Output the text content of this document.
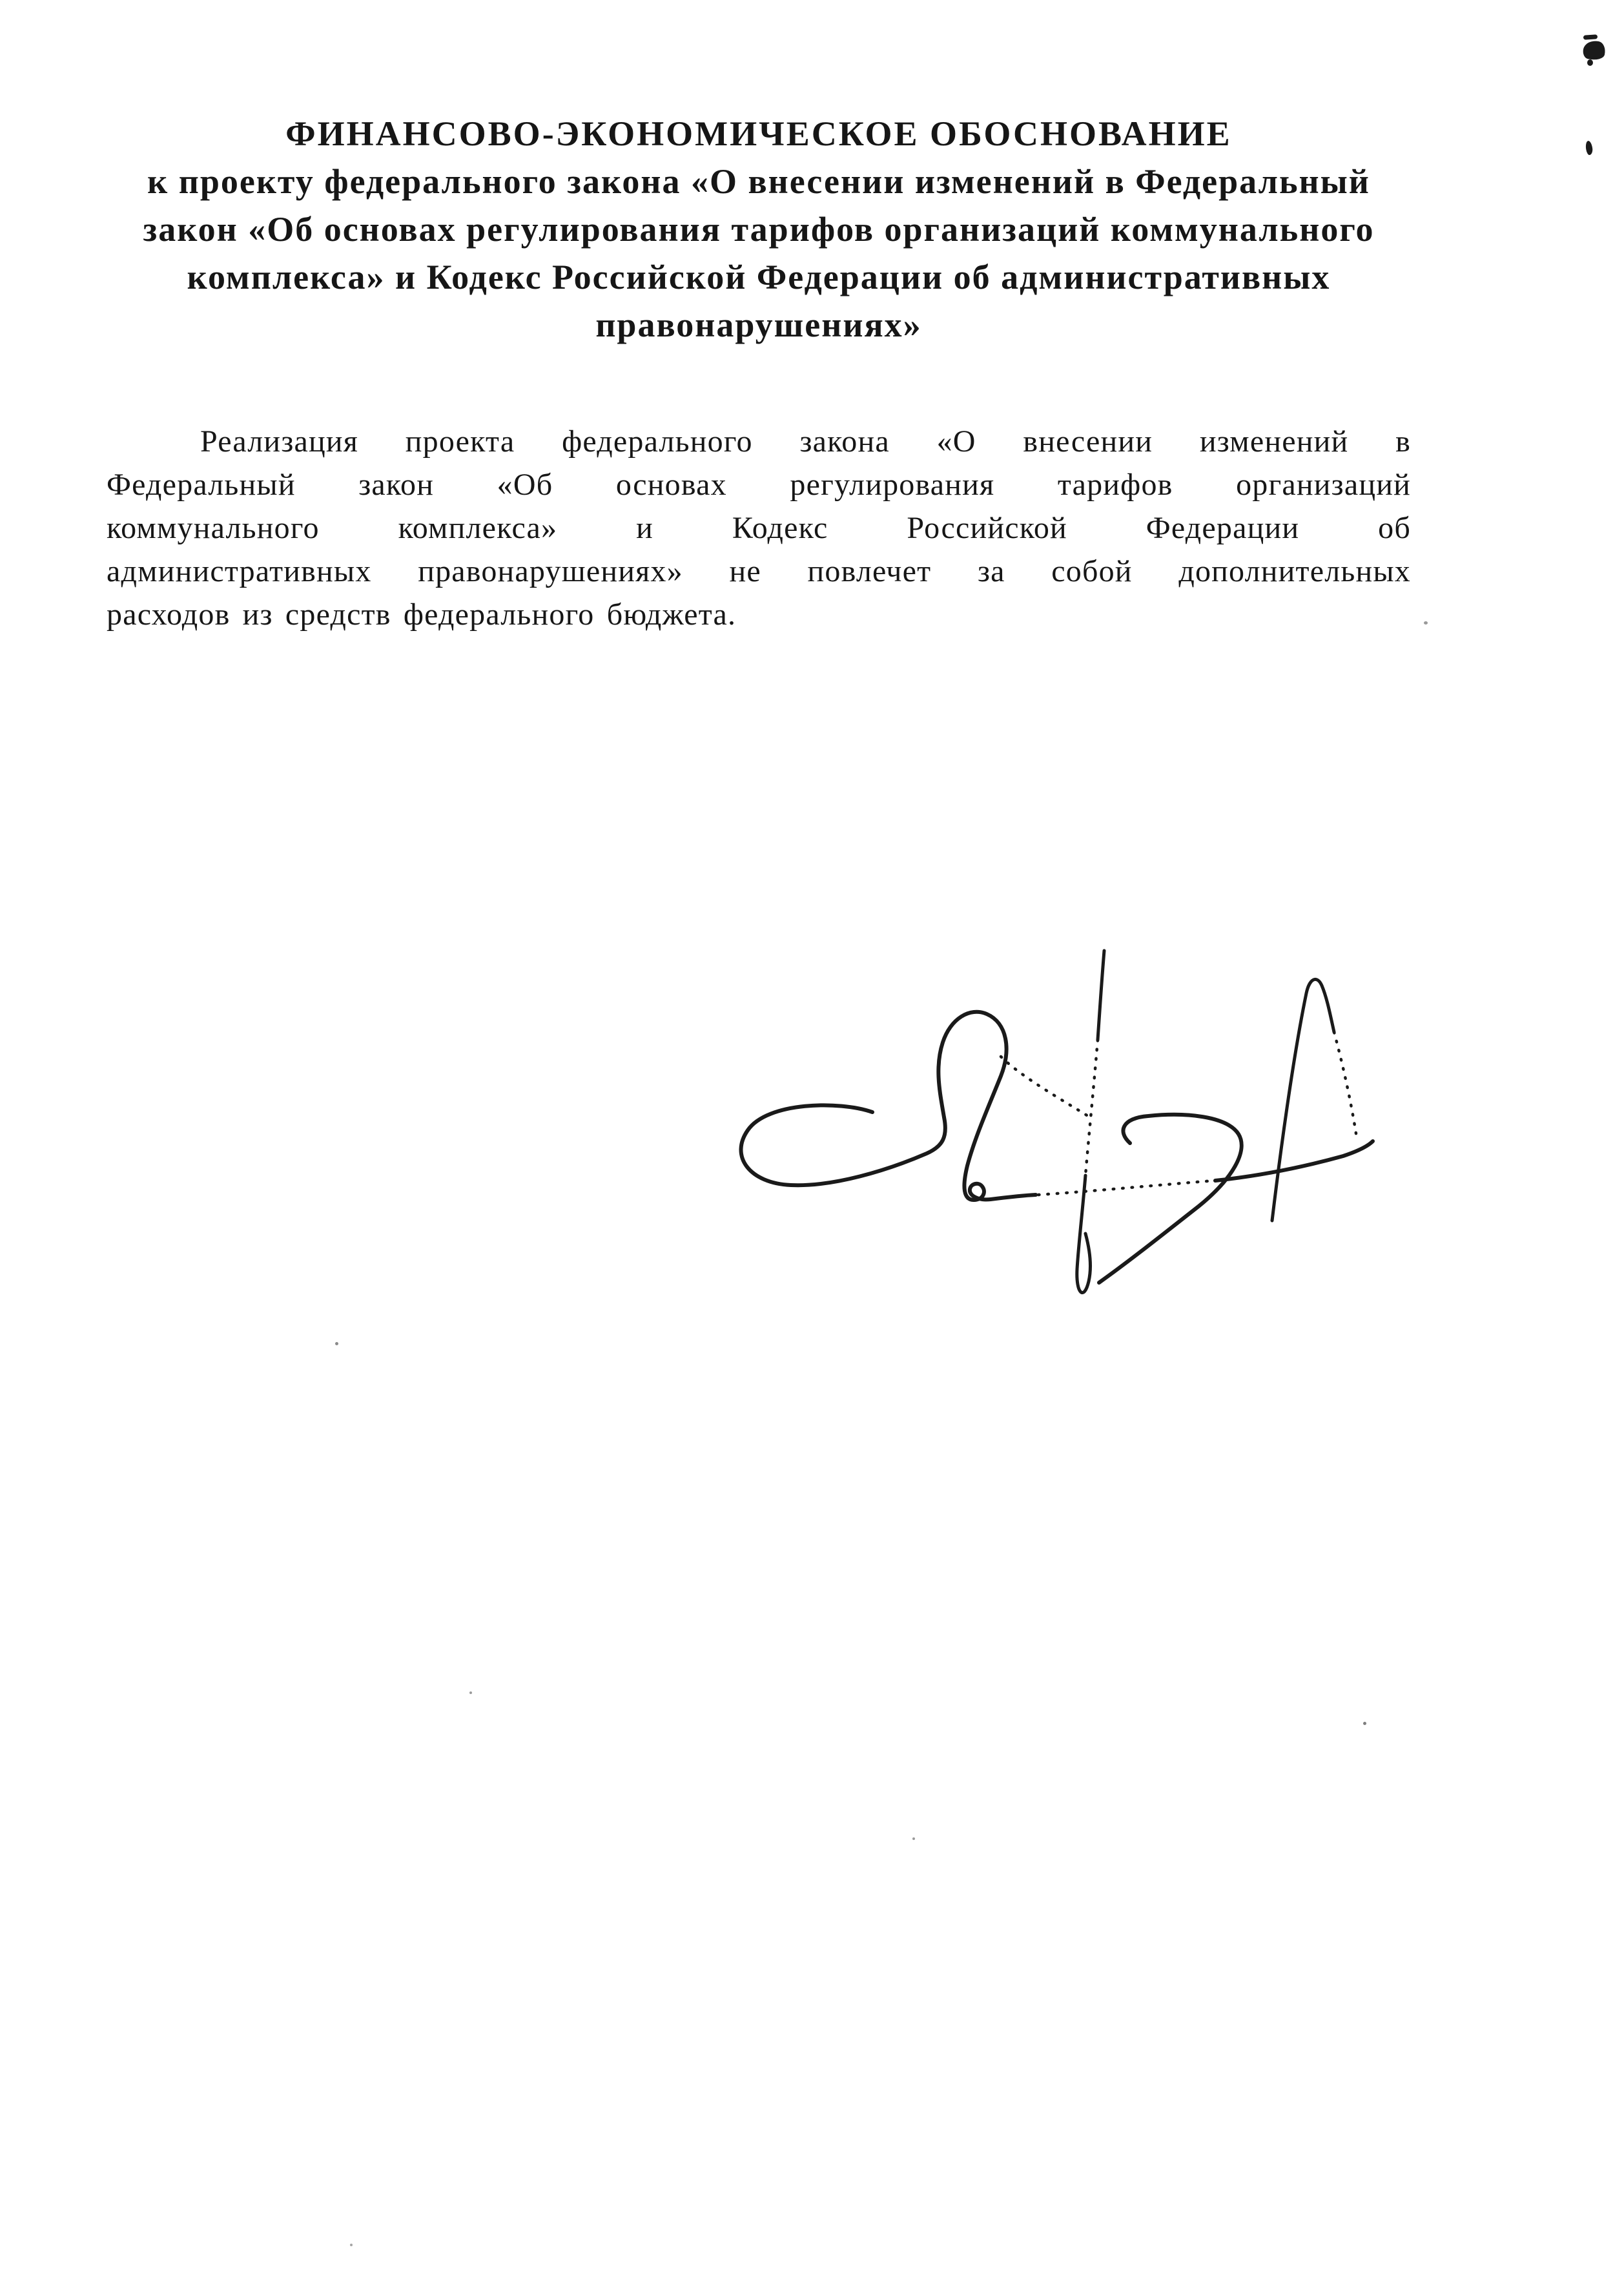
ФИНАНСОВО-ЭКОНОМИЧЕСКОЕ ОБОСНОВАНИЕ
к проекту федерального закона «О внесении изменений в Федеральный
закон «Об основах регулирования тарифов организаций коммунального
комплекса» и Кодекс Российской Федерации об административных
правонарушениях»
Реализация проекта федерального закона «О внесении изменений в
Федеральный закон «Об основах регулирования тарифов организаций
коммунального комплекса» и Кодекс Российской Федерации об
административных правонарушениях» не повлечет за собой дополнительных
расходов из средств федерального бюджета.
